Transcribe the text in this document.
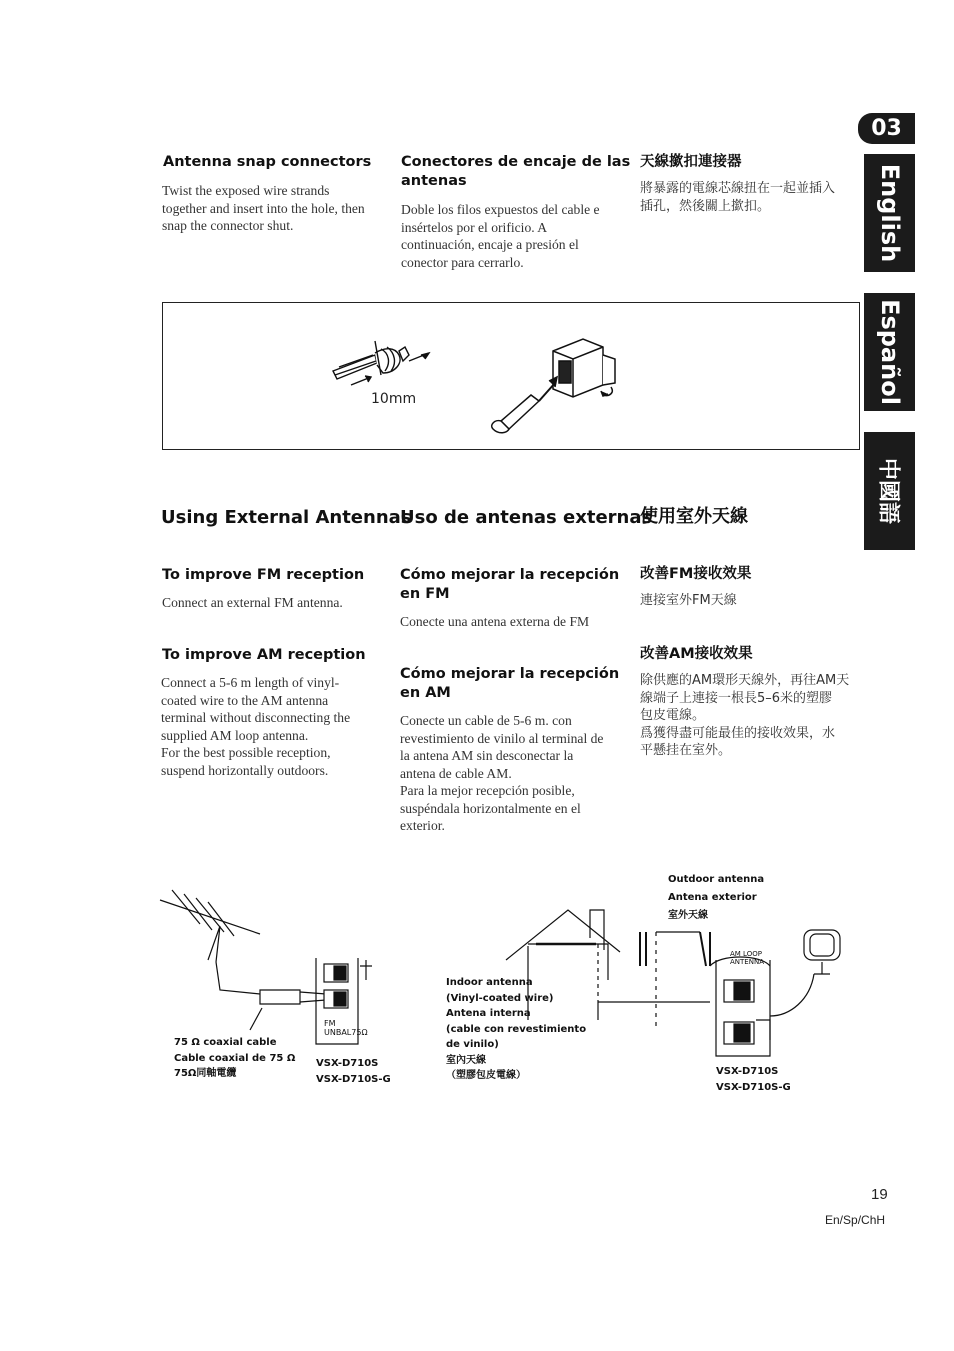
03
English
Español
中國語
Antenna snap connectors
Twist the exposed wire strands
together and insert into the hole, then
snap the connector shut.
Conectores de encaje de las
antenas
Doble los filos expuestos del cable e
insértelos por el orificio. A
continuación, encaje a presión el
conector para cerrarlo.
天線撳扣連接器
將暴露的電線芯線扭在一起並插入
插孔，然後關上撳扣。
10mm
Using External Antennas
Uso de antenas externas
使用室外天線
To improve FM reception
Connect an external FM antenna.
Cómo mejorar la recepción
en FM
Conecte una antena externa de FM
改善FM接收效果
連接室外FM天線
To improve AM reception
Connect a 5-6 m length of vinyl-
coated wire to the AM antenna
terminal without disconnecting the
supplied AM loop antenna.
For the best possible reception,
suspend horizontally outdoors.
Cómo mejorar la recepción
en AM
Conecte un cable de 5-6 m. con
revestimiento de vinilo al terminal de
la antena AM sin desconectar la
antena de cable AM.
Para la mejor recepción posible,
suspéndala horizontalmente en el
exterior.
改善AM接收效果
除供應的AM環形天線外，再往AM天
線端子上連接一根長5–6米的塑膠
包皮電線。
爲獲得盡可能最佳的接收效果，水
平懸挂在室外。
FM UNBAL75Ω
AM LOOP ANTENNA
75 Ω coaxial cable
Cable coaxial de 75 Ω
75Ω同軸電纜
VSX-D710S
VSX-D710S-G
Indoor antenna
(Vinyl-coated wire)
Antena interna
(cable con revestimiento
de vinilo)
室內天線
（塑膠包皮電線）
Outdoor antenna
Antena exterior
室外天線
VSX-D710S
VSX-D710S-G
19
En/Sp/ChH
